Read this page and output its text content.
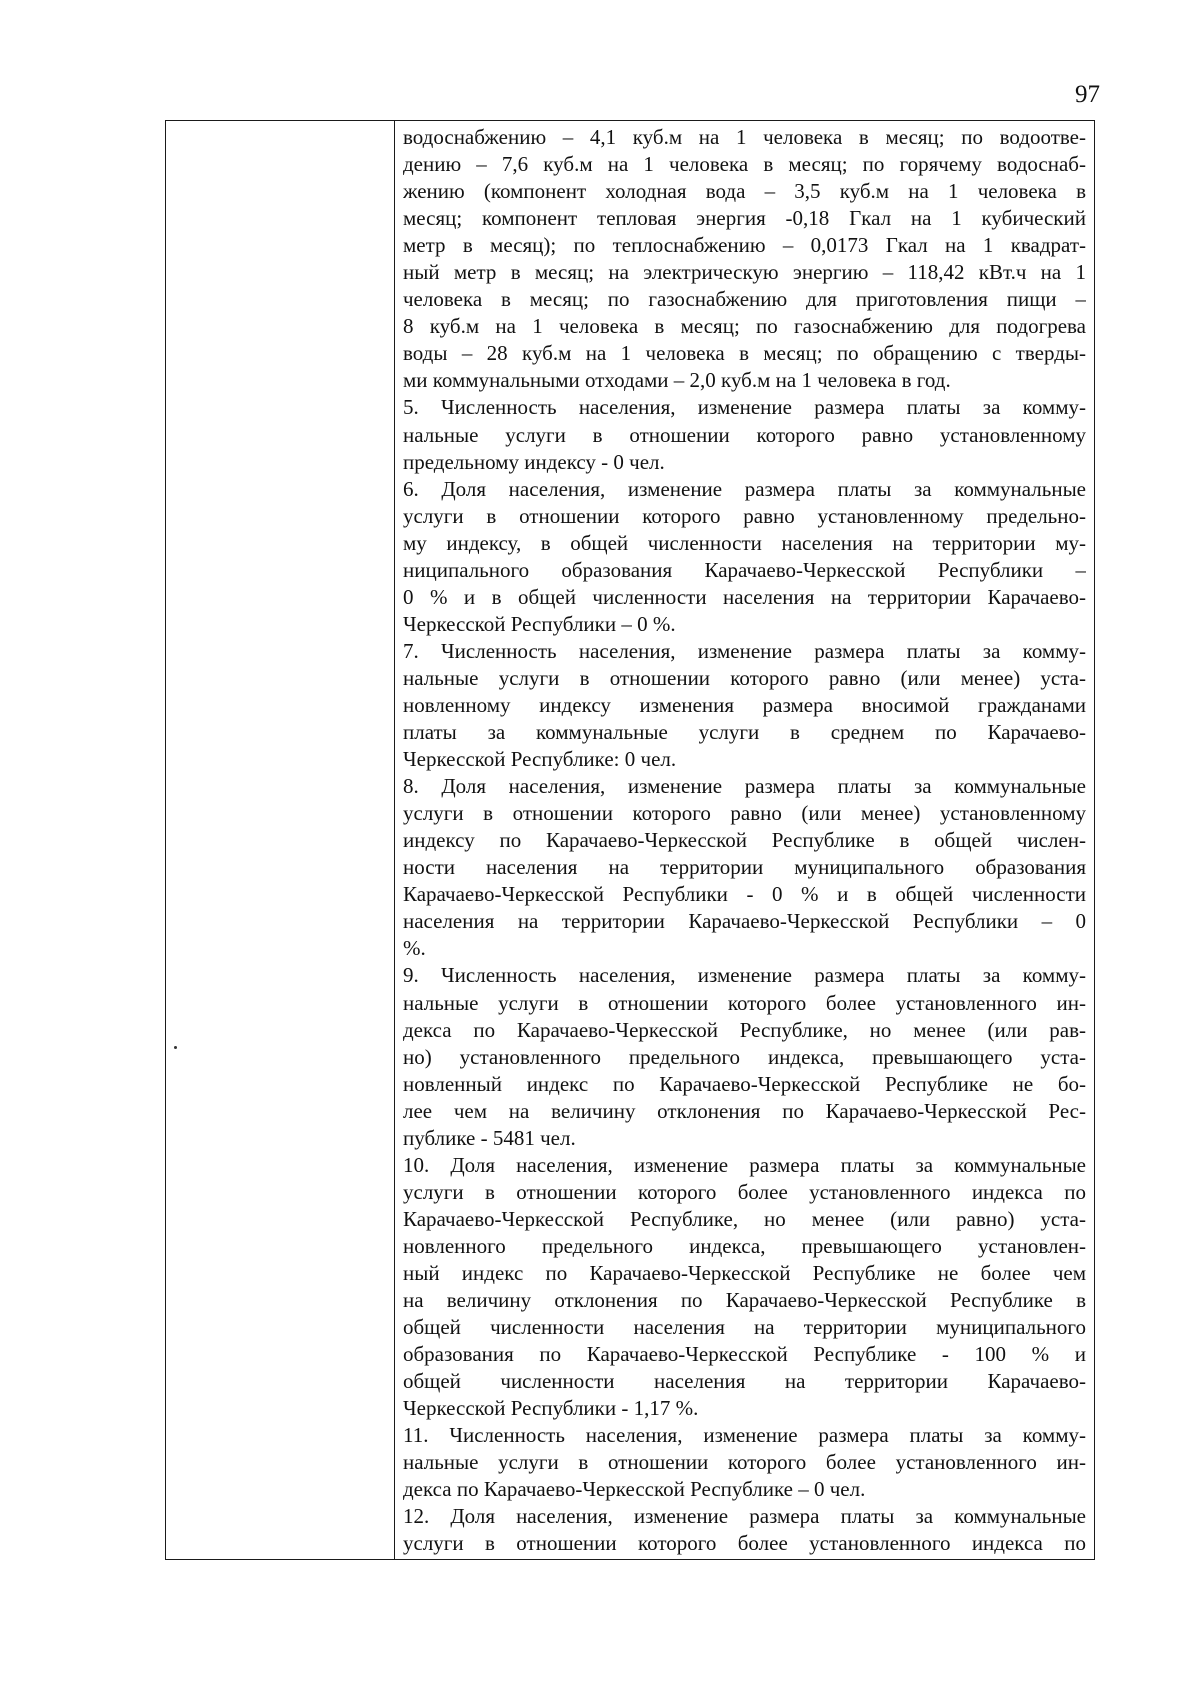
97
водоснабжению – 4,1 куб.м на 1 человека в месяц; по водоотве-
дению – 7,6 куб.м на 1 человека в месяц; по горячему водоснаб-
жению (компонент холодная вода – 3,5 куб.м на 1 человека в
месяц; компонент тепловая энергия -0,18 Гкал на 1 кубический
метр в месяц); по теплоснабжению – 0,0173 Гкал на 1 квадрат-
ный метр в месяц; на электрическую энергию – 118,42 кВт.ч на 1
человека в месяц; по газоснабжению для приготовления пищи –
8 куб.м на 1 человека в месяц; по газоснабжению для подогрева
воды – 28 куб.м на 1 человека в месяц; по обращению с тверды-
ми коммунальными отходами – 2,0 куб.м на 1 человека в год.
5. Численность населения, изменение размера платы за комму-
нальные услуги в отношении которого равно установленному
предельному индексу - 0 чел.
6. Доля населения, изменение размера платы за коммунальные
услуги в отношении которого равно установленному предельно-
му индексу, в общей численности населения на территории му-
ниципального образования Карачаево-Черкесской Республики –
0 % и в общей численности населения на территории Карачаево-
Черкесской Республики – 0 %.
7. Численность населения, изменение размера платы за комму-
нальные услуги в отношении которого равно (или менее) уста-
новленному индексу изменения размера вносимой гражданами
платы за коммунальные услуги в среднем по Карачаево-
Черкесской Республике: 0 чел.
8. Доля населения, изменение размера платы за коммунальные
услуги в отношении которого равно (или менее) установленному
индексу по Карачаево-Черкесской Республике в общей числен-
ности населения на территории муниципального образования
Карачаево-Черкесской Республики - 0 % и в общей численности
населения на территории Карачаево-Черкесской Республики – 0
%.
9. Численность населения, изменение размера платы за комму-
нальные услуги в отношении которого более установленного ин-
декса по Карачаево-Черкесской Республике, но менее (или рав-
но) установленного предельного индекса, превышающего уста-
новленный индекс по Карачаево-Черкесской Республике не бо-
лее чем на величину отклонения по Карачаево-Черкесской Рес-
публике - 5481 чел.
10. Доля населения, изменение размера платы за коммунальные
услуги в отношении которого более установленного индекса по
Карачаево-Черкесской Республике, но менее (или равно) уста-
новленного предельного индекса, превышающего установлен-
ный индекс по Карачаево-Черкесской Республике не более чем
на величину отклонения по Карачаево-Черкесской Республике в
общей численности населения на территории муниципального
образования по Карачаево-Черкесской Республике - 100 % и
общей численности населения на территории Карачаево-
Черкесской Республики - 1,17 %.
11. Численность населения, изменение размера платы за комму-
нальные услуги в отношении которого более установленного ин-
декса по Карачаево-Черкесской Республике – 0 чел.
12. Доля населения, изменение размера платы за коммунальные
услуги в отношении которого более установленного индекса по
